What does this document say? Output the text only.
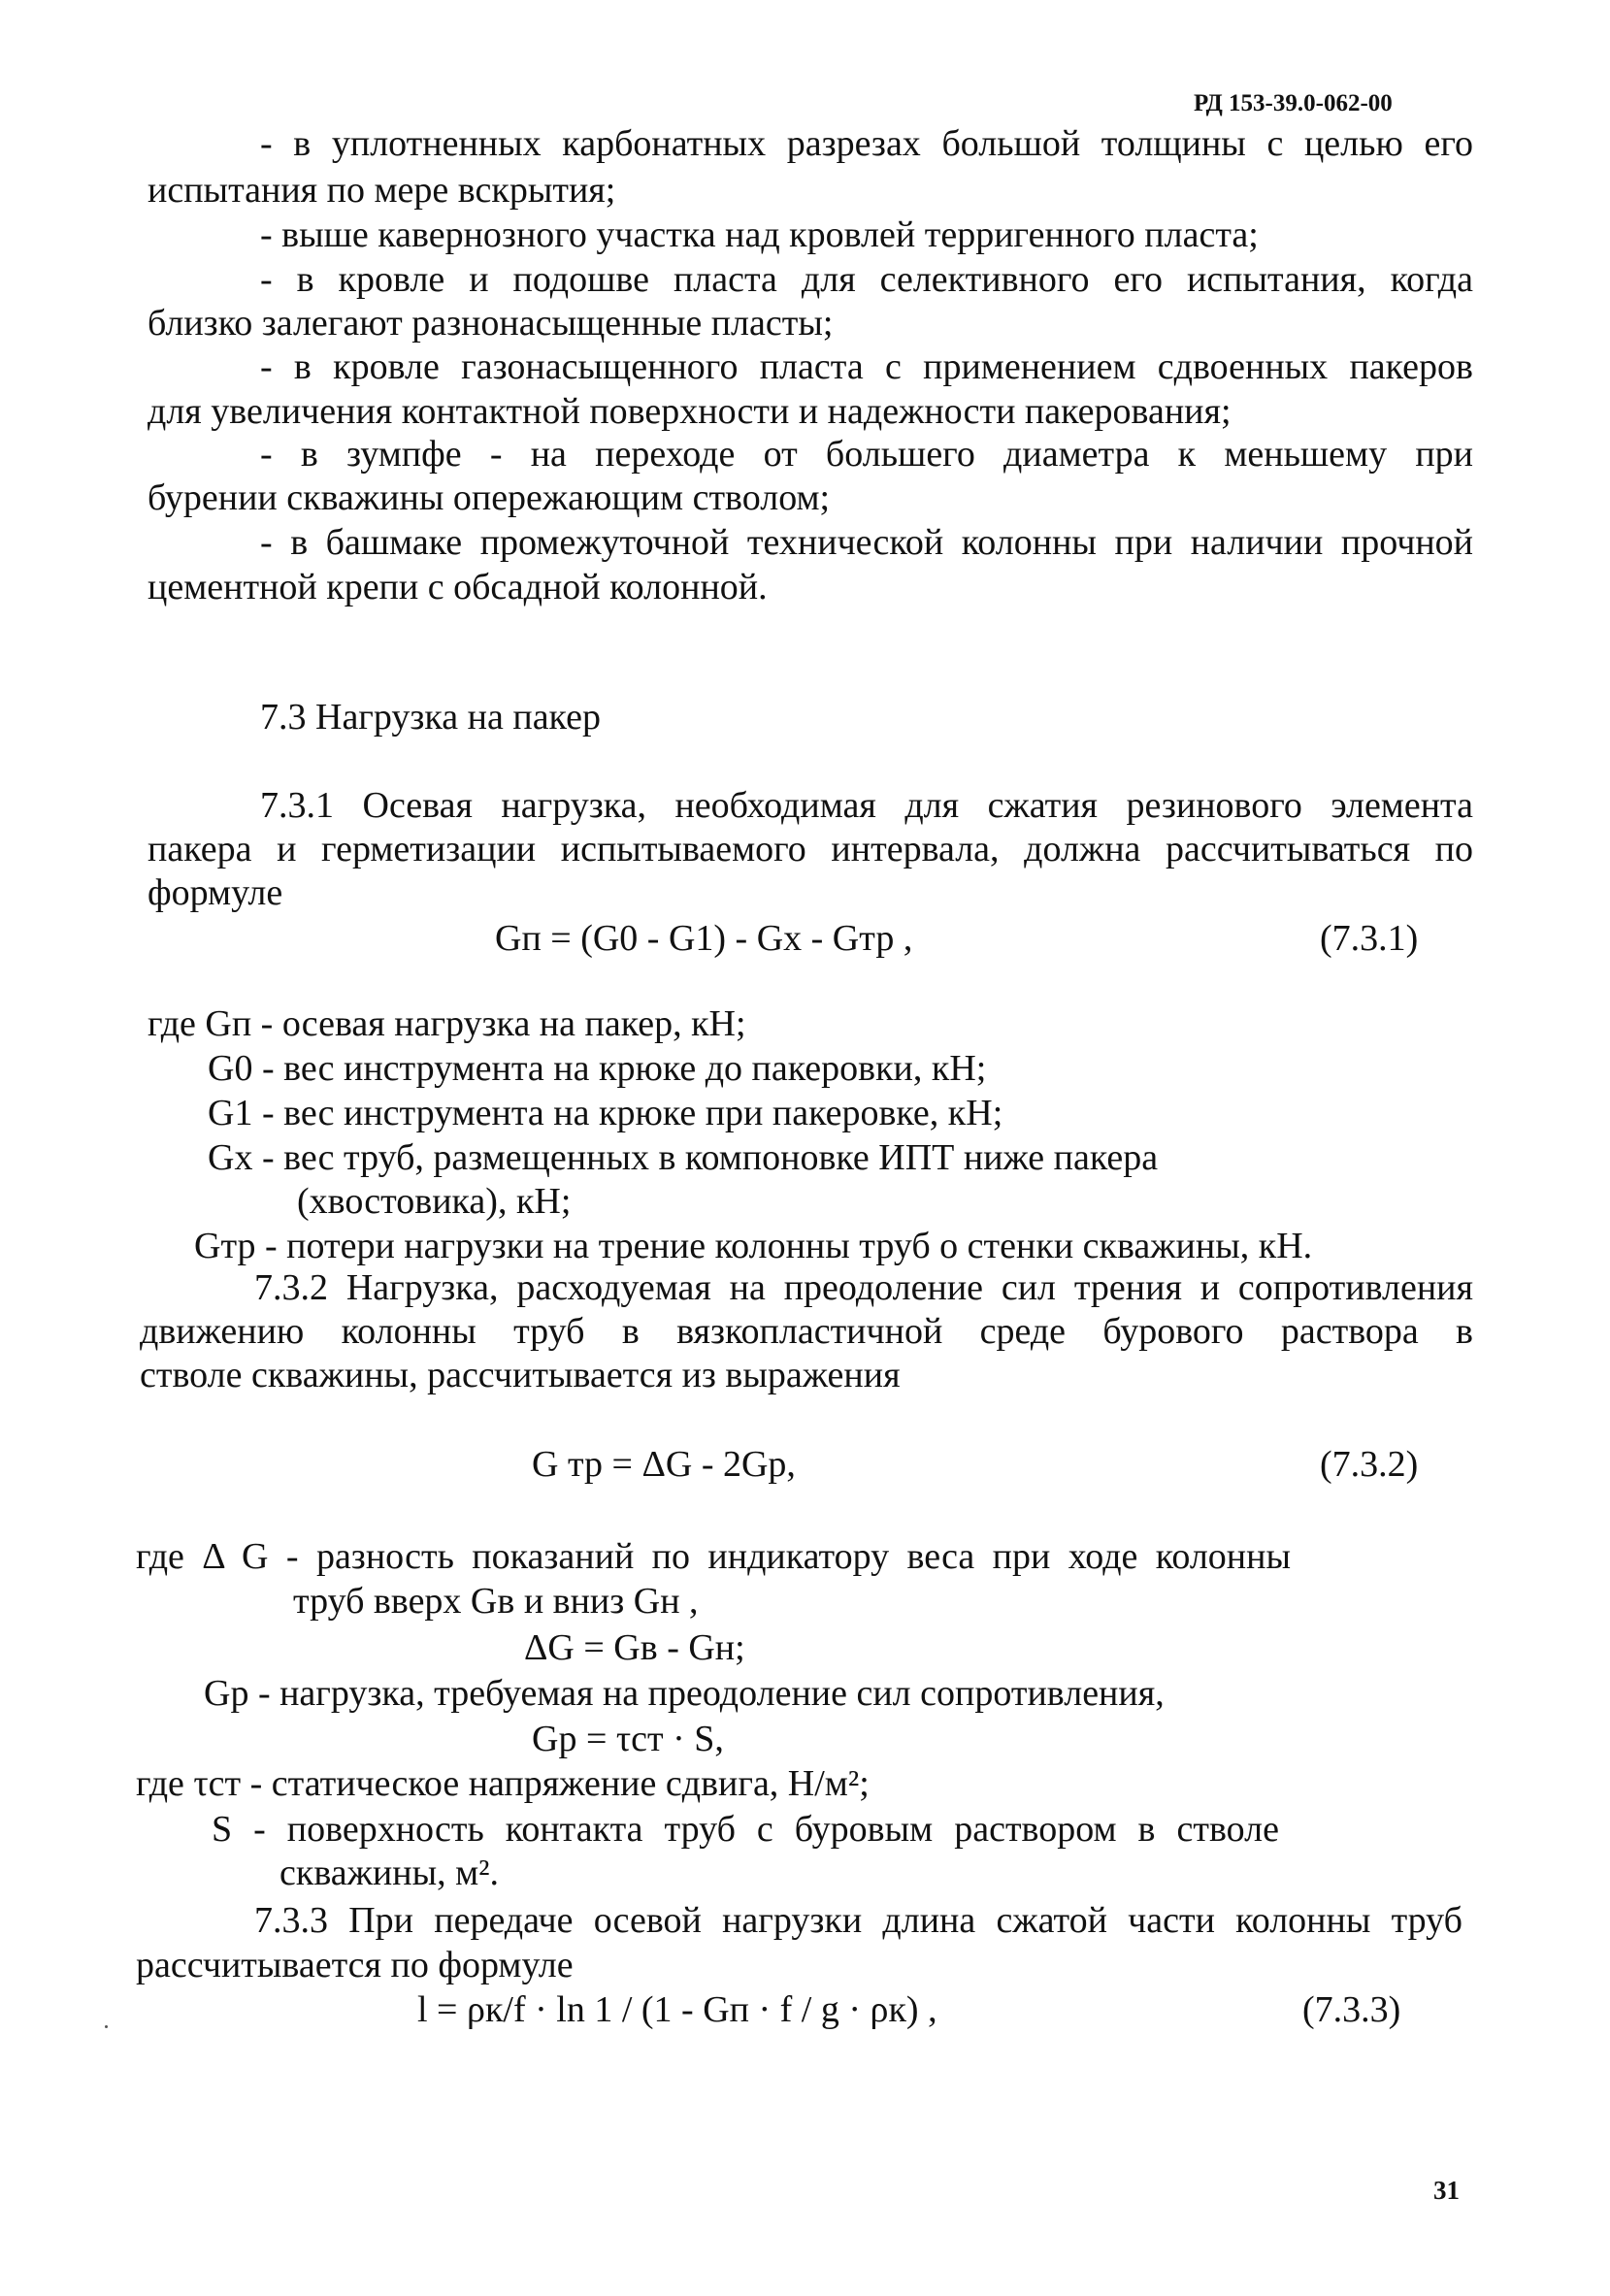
РД 153-39.0-062-00
- в уплотненных карбонатных разрезах большой толщины с целью его
испытания по мере вскрытия;
- выше кавернозного участка над кровлей терригенного пласта;
- в кровле и подошве пласта для селективного его испытания, когда
близко залегают разнонасыщенные пласты;
- в кровле газонасыщенного пласта с применением сдвоенных пакеров
для увеличения контактной поверхности и надежности пакерования;
- в зумпфе - на переходе от большего диаметра к меньшему при
бурении скважины опережающим стволом;
- в башмаке промежуточной технической колонны при наличии прочной
цементной крепи с обсадной колонной.
7.3 Нагрузка на пакер
7.3.1 Осевая нагрузка, необходимая для сжатия резинового элемента
пакера и герметизации испытываемого интервала, должна рассчитываться по
формуле
Gп = (G0 - G1) - Gx - Gтр ,	(7.3.1)
где Gп - осевая нагрузка на пакер, кН;
G0 - вес инструмента на крюке до пакеровки, кН;
G1 - вес инструмента на крюке при пакеровке, кН;
Gx - вес труб, размещенных в компоновке ИПТ ниже пакера
(хвостовика), кН;
Gтр - потери нагрузки на трение колонны труб о стенки скважины, кН.
7.3.2 Нагрузка, расходуемая на преодоление сил трения и сопротивления
движению колонны труб в вязкопластичной среде бурового раствора в
стволе скважины, рассчитывается из выражения
G тр = ΔG - 2Gp,	(7.3.2)
где Δ G - разность показаний по индикатору веса при ходе колонны
труб вверх Gв и вниз Gн ,
ΔG = Gв - Gн;
Gp - нагрузка, требуемая на преодоление сил сопротивления,
Gp = τст · S,
где τст - статическое напряжение сдвига, Н/м²;
S - поверхность контакта труб с буровым раствором в стволе
скважины, м².
7.3.3 При передаче осевой нагрузки длина сжатой части колонны труб
рассчитывается по формуле
l = ρк/f · ln 1 / (1 - Gп · f / g · ρк) ,	(7.3.3)
31
